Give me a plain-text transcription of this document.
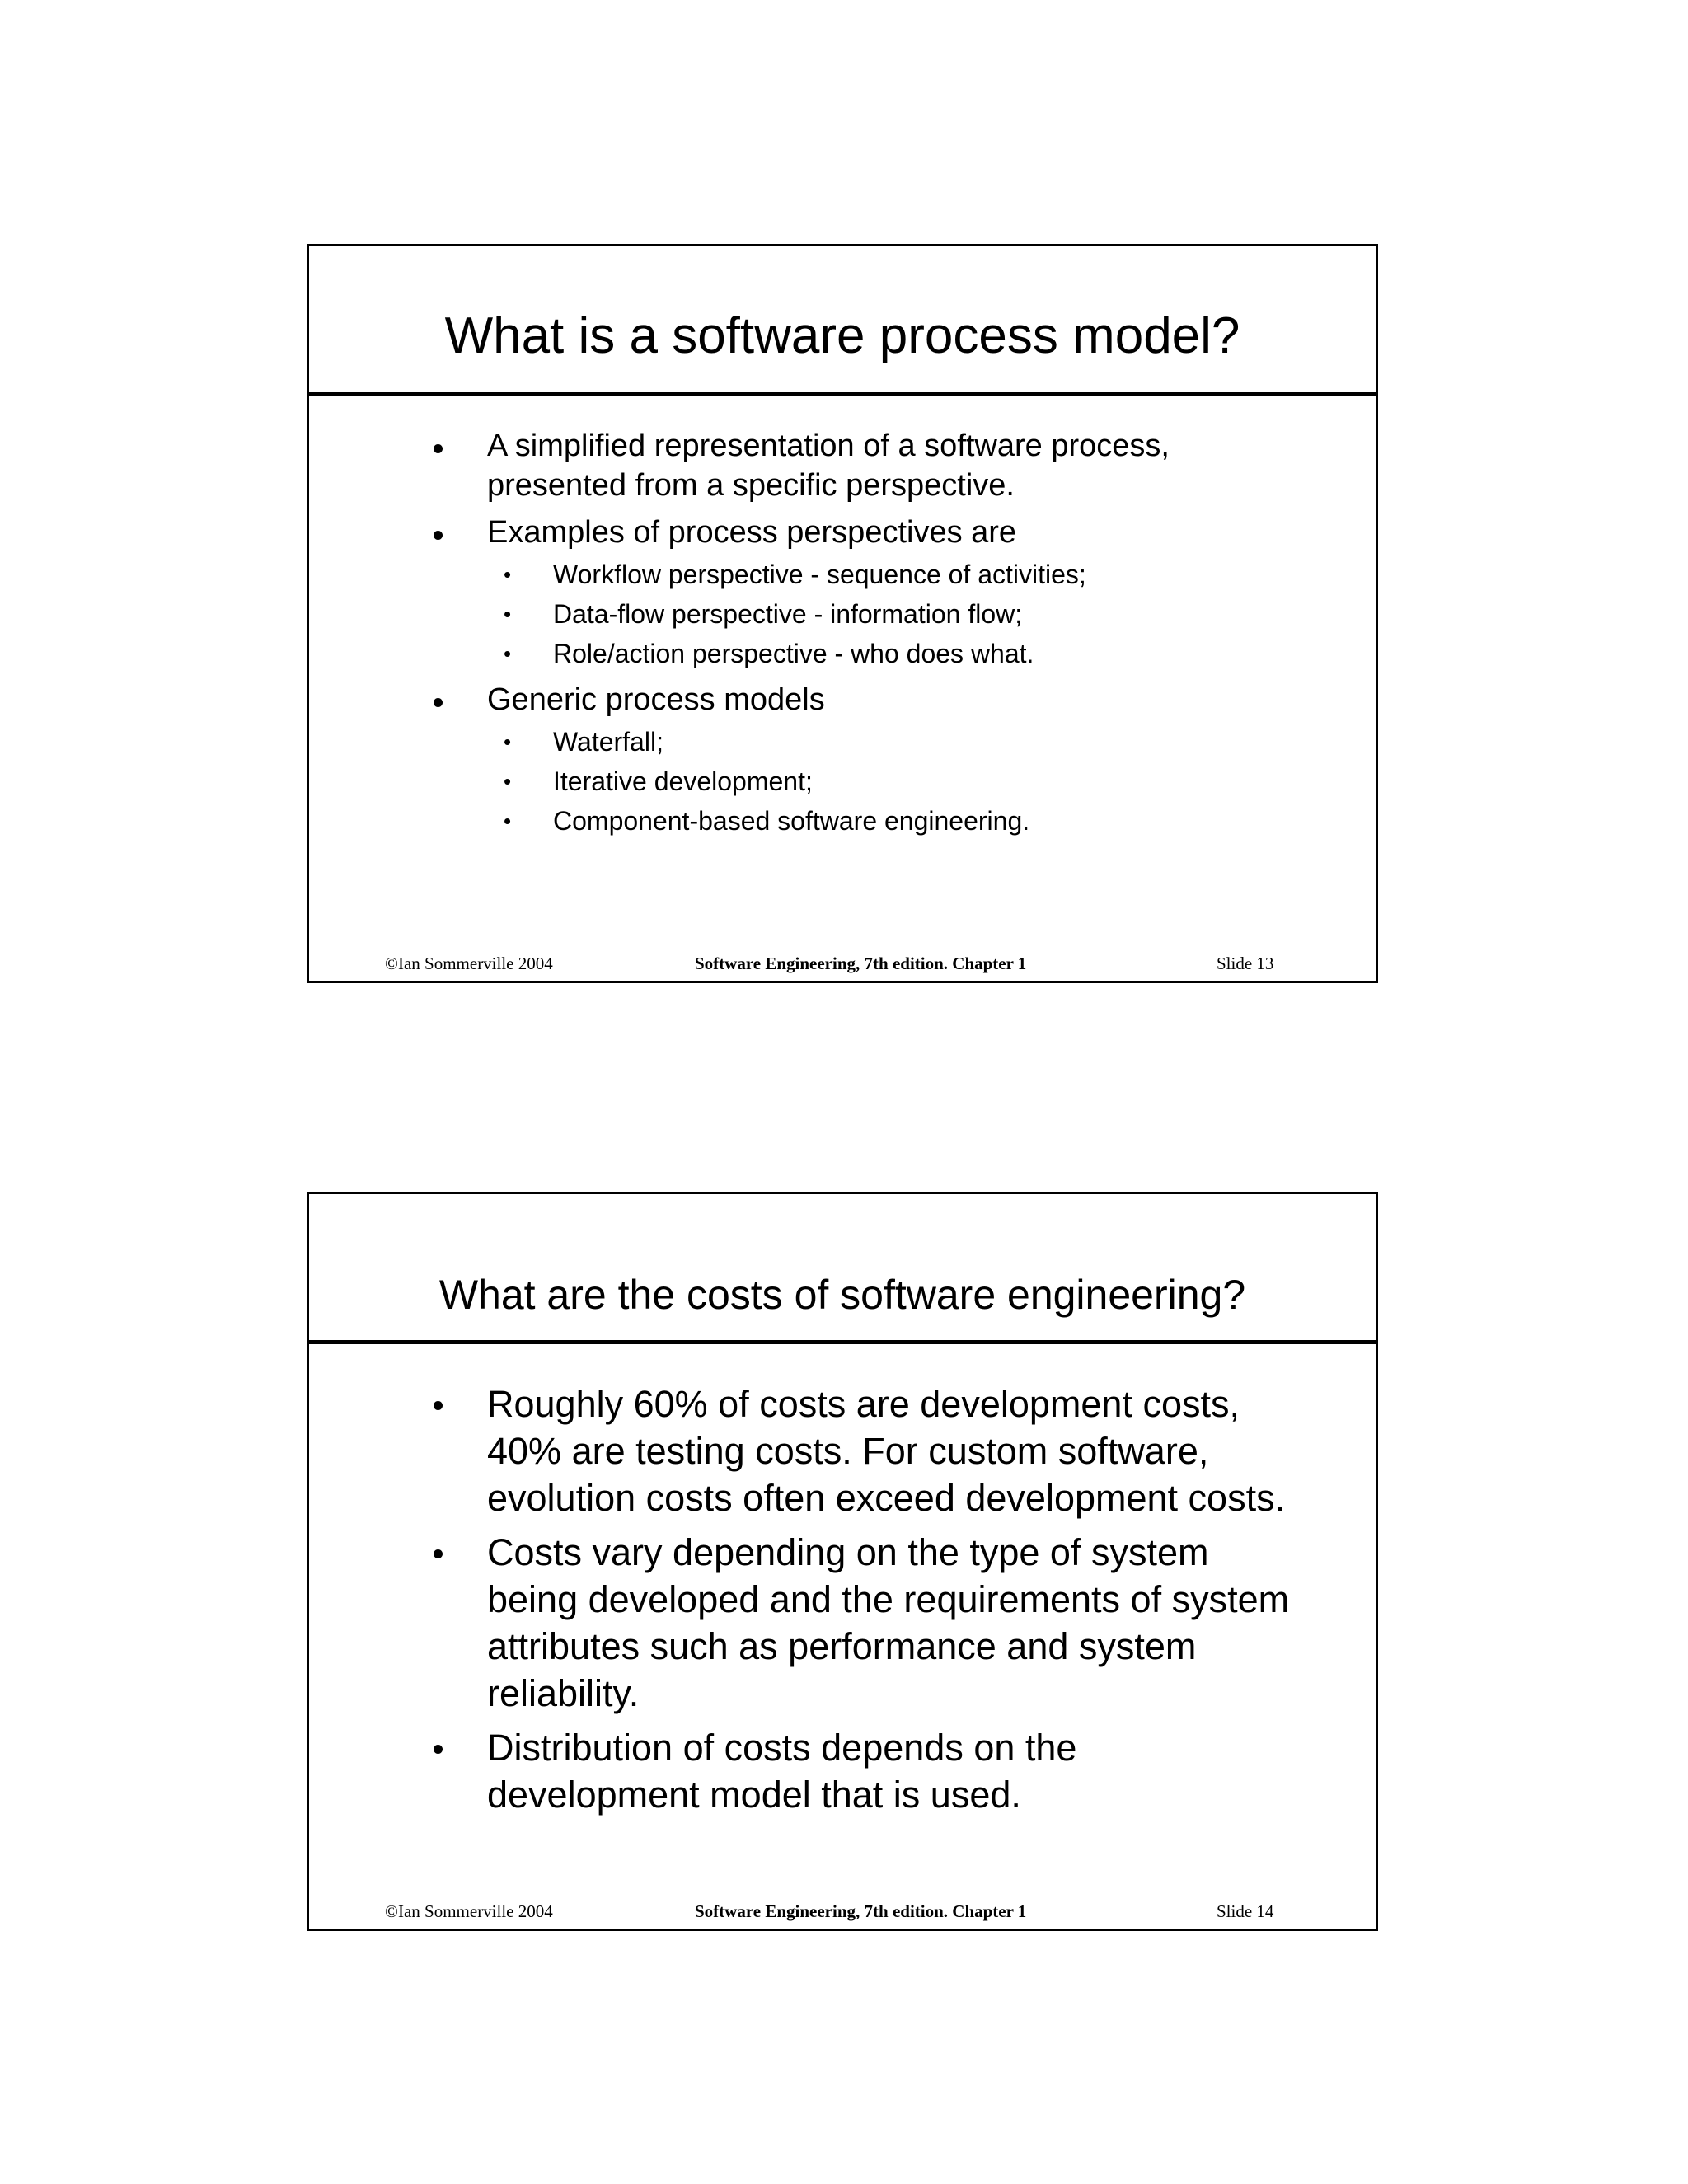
What is a software process model?
A simplified representation of a software process,
presented from a specific perspective.
Examples of process perspectives are
• Workflow perspective - sequence of activities;
• Data-flow perspective - information flow;
• Role/action perspective - who does what.
Generic process models
• Waterfall;
• Iterative development;
• Component-based software engineering.
©Ian Sommerville 2004	Software Engineering, 7th edition. Chapter 1	Slide 13
What are the costs of software engineering?
Roughly 60% of costs are development costs,
40% are testing costs. For custom software,
evolution costs often exceed development costs.
Costs vary depending on the type of system
being developed and the requirements of system
attributes such as performance and system
reliability.
Distribution of costs depends on the
development model that is used.
©Ian Sommerville 2004	Software Engineering, 7th edition. Chapter 1	Slide 14
